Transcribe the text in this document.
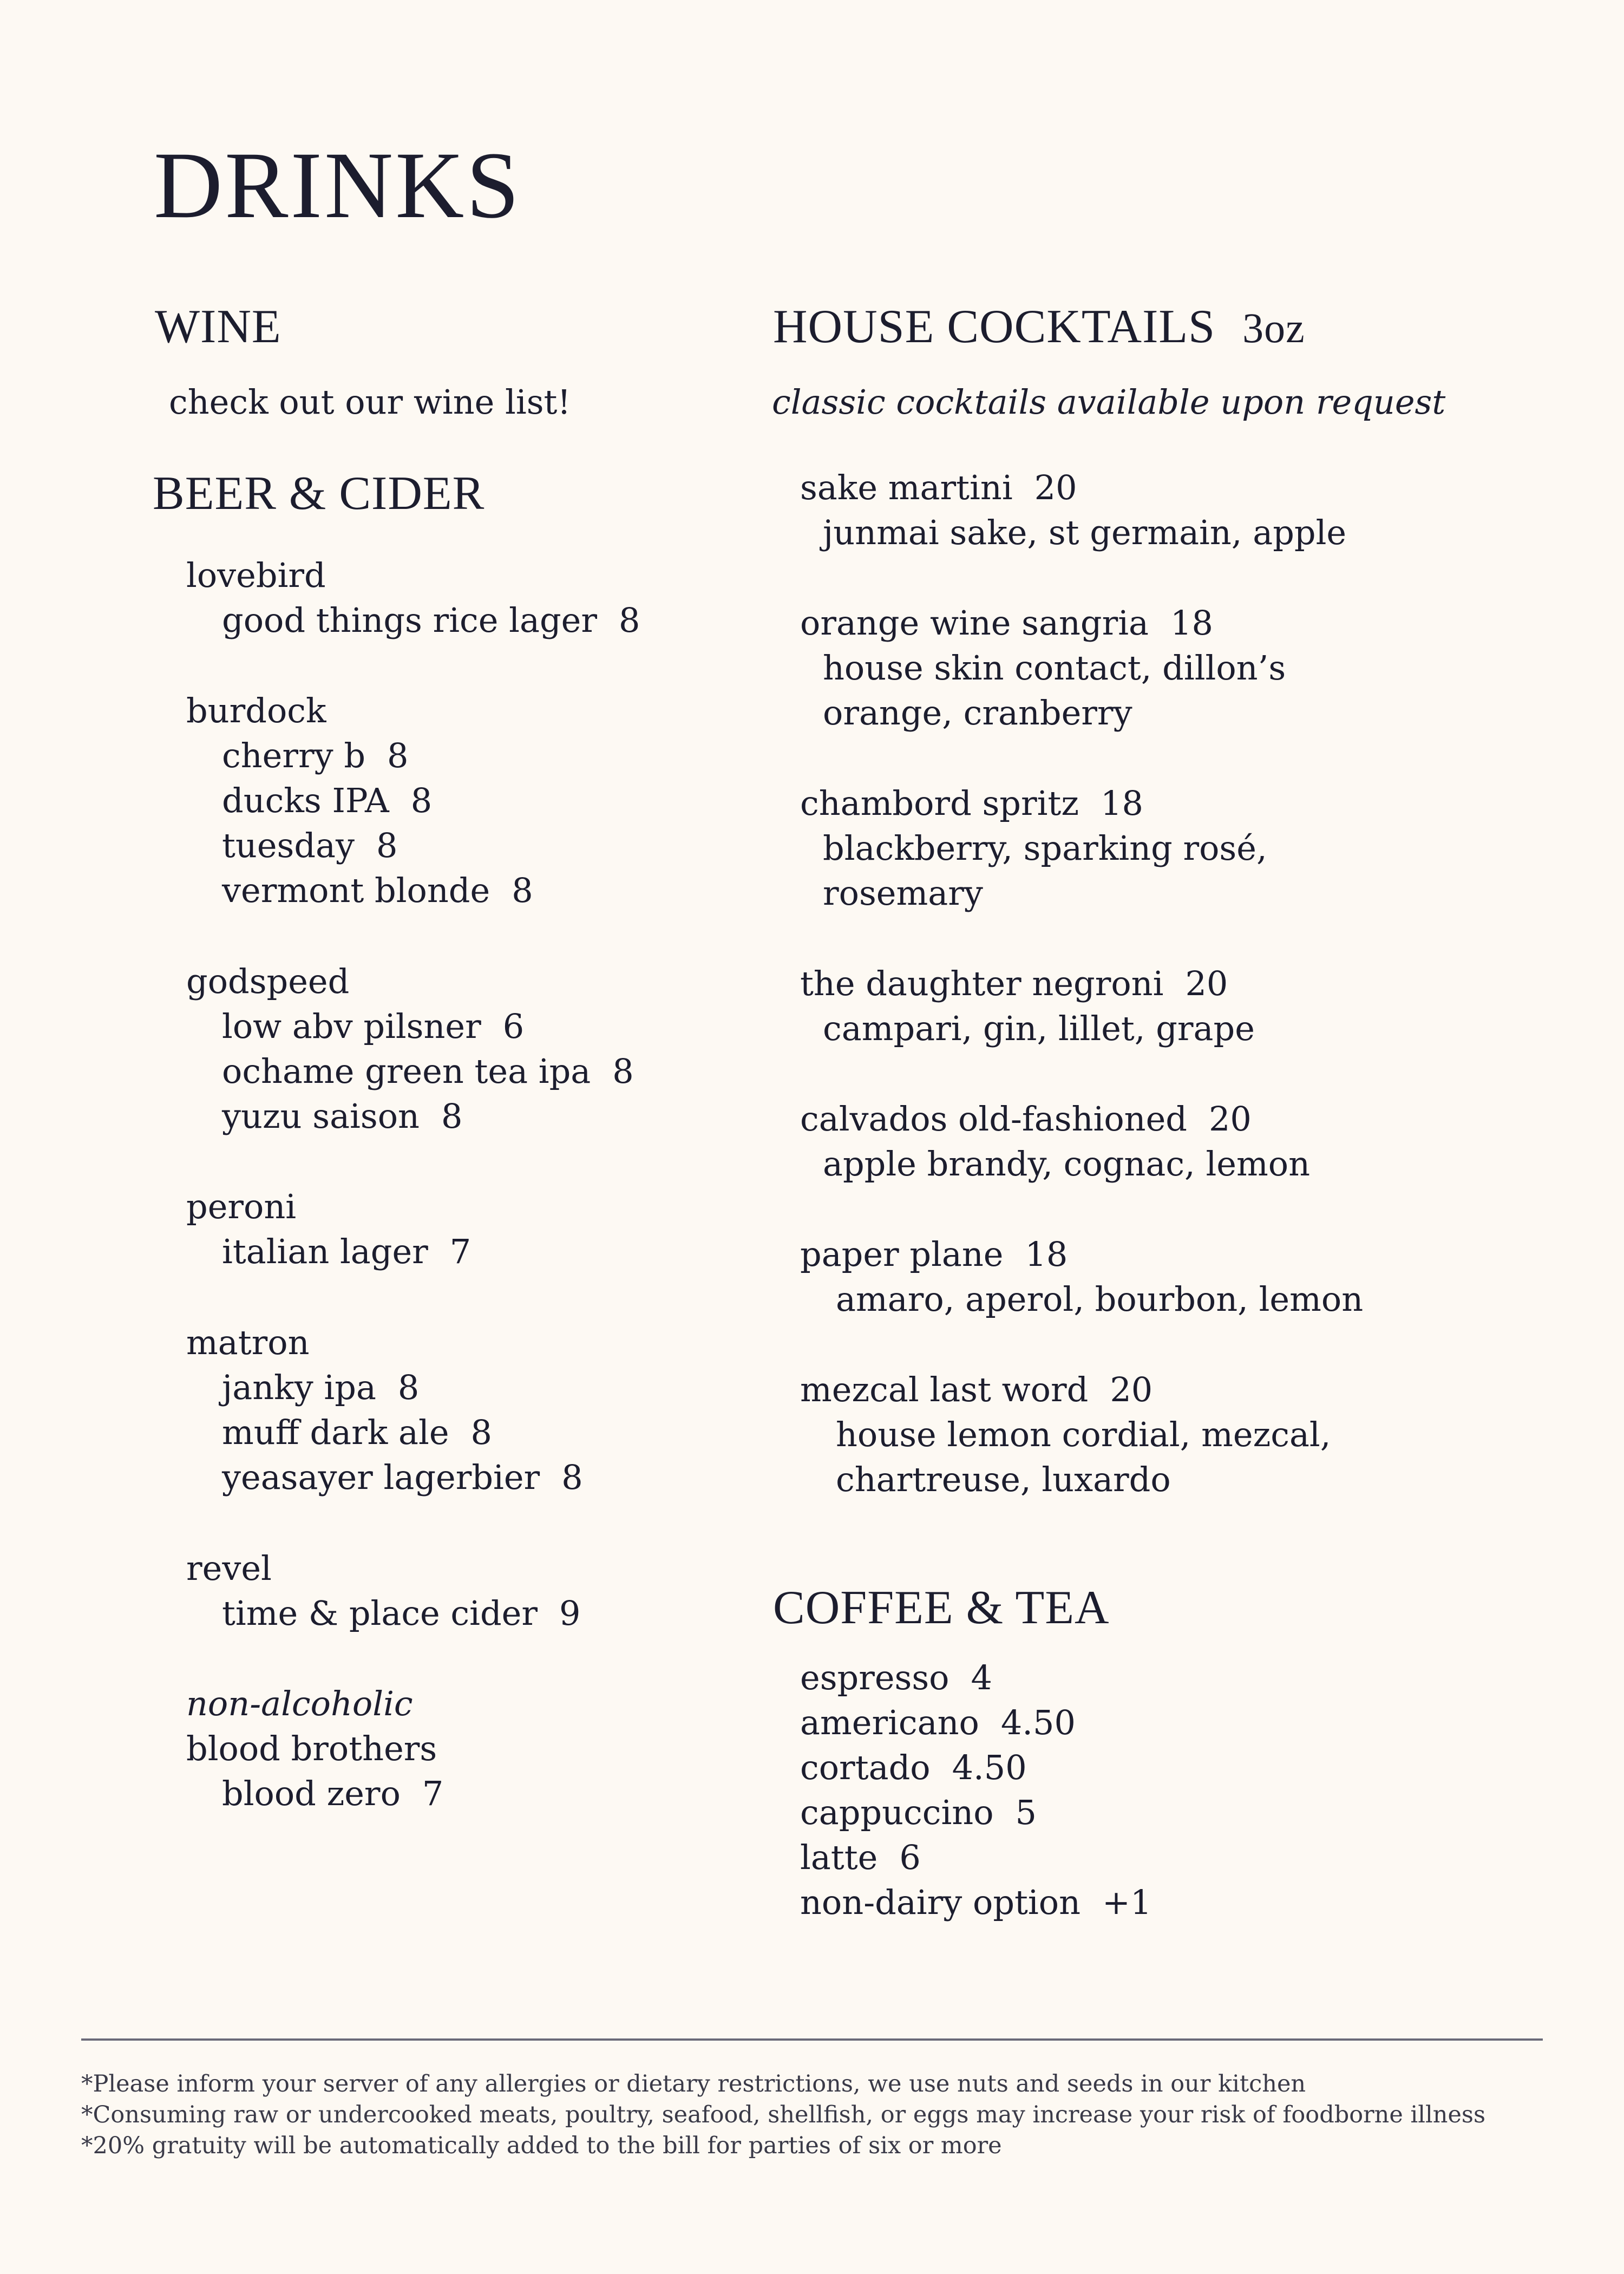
DRINKS
WINE
check out our wine list!
BEER & CIDER
lovebird
good things rice lager 8
burdock
cherry b 8
ducks IPA 8
tuesday 8
vermont blonde 8
godspeed
low abv pilsner 6
ochame green tea ipa 8
yuzu saison 8
peroni
italian lager 7
matron
janky ipa 8
muff dark ale 8
yeasayer lagerbier 8
revel
time & place cider 9
non-alcoholic
blood brothers
blood zero 7
HOUSE COCKTAILS 3oz
classic cocktails available upon request
sake martini 20
junmai sake, st germain, apple
orange wine sangria 18
house skin contact, dillon’s
orange, cranberry
chambord spritz 18
blackberry, sparking rosé,
rosemary
the daughter negroni 20
campari, gin, lillet, grape
calvados old-fashioned 20
apple brandy, cognac, lemon
paper plane 18
amaro, aperol, bourbon, lemon
mezcal last word 20
house lemon cordial, mezcal,
chartreuse, luxardo
COFFEE & TEA
espresso 4
americano 4.50
cortado 4.50
cappuccino 5
latte 6
non-dairy option +1
*Please inform your server of any allergies or dietary restrictions, we use nuts and seeds in our kitchen
*Consuming raw or undercooked meats, poultry, seafood, shellfish, or eggs may increase your risk of foodborne illness
*20% gratuity will be automatically added to the bill for parties of six or more
